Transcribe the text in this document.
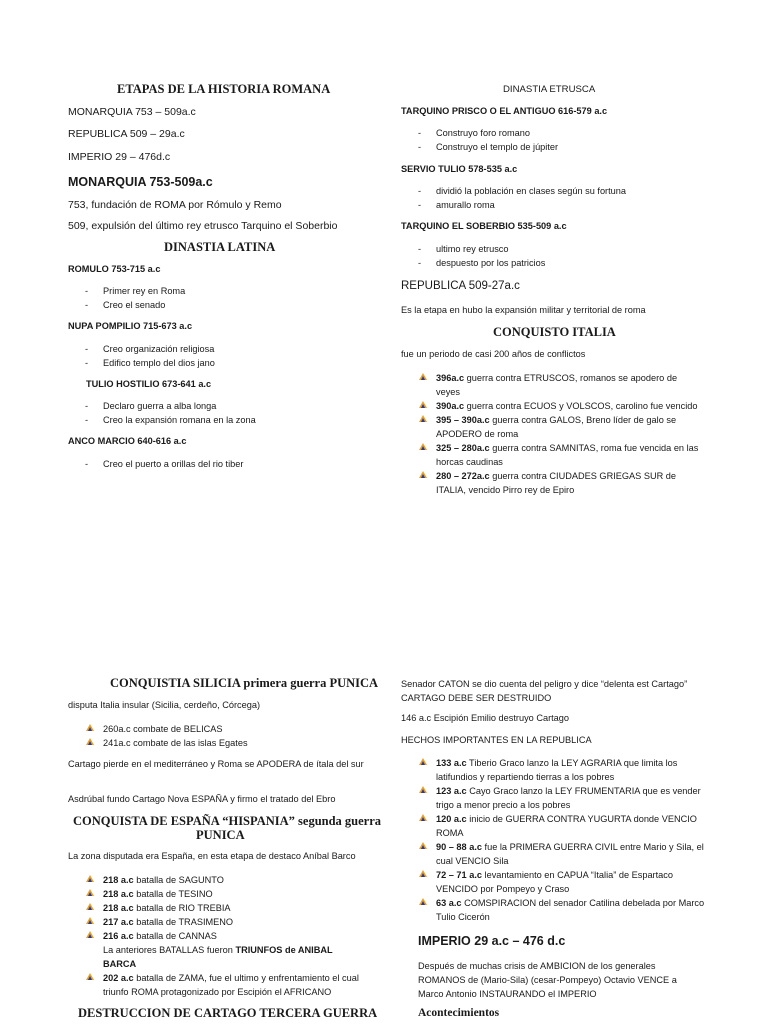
ETAPAS DE LA HISTORIA ROMANA
MONARQUIA 753 – 509a.c
REPUBLICA 509 – 29a.c
IMPERIO 29 – 476d.c
MONARQUIA 753-509a.c
753, fundación de ROMA por Rómulo y Remo
509, expulsión del último rey etrusco Tarquino el Soberbio
DINASTIA LATINA
ROMULO 753-715 a.c
- Primer rey en Roma
- Creo el senado
NUPA POMPILIO 715-673 a.c
- Creo organización religiosa
- Edifico templo del dios jano
TULIO HOSTILIO 673-641 a.c
- Declaro guerra a alba longa
- Creo la expansión romana en la zona
ANCO MARCIO 640-616 a.c
- Creo el puerto a orillas del rio tiber
DINASTIA ETRUSCA
TARQUINO PRISCO O EL ANTIGUO 616-579 a.c
- Construyo foro romano
- Construyo el templo de júpiter
SERVIO TULIO 578-535 a.c
- dividió la población en clases según su fortuna
- amurallo roma
TARQUINO EL SOBERBIO 535-509 a.c
- ultimo rey etrusco
- despuesto por los patricios
REPUBLICA 509-27a.c
Es la etapa en hubo la expansión militar y territorial de roma
CONQUISTO ITALIA
fue un periodo de casi 200 años de conflictos
396a.c guerra contra ETRUSCOS, romanos se apodero de veyes
390a.c guerra contra ECUOS y VOLSCOS, carolino fue vencido
395 – 390a.c guerra contra GALOS, Breno líder de galo se APODERO de roma
325 – 280a.c guerra contra SAMNITAS, roma fue vencida en las horcas caudinas
280 – 272a.c guerra contra CIUDADES GRIEGAS SUR de ITALIA, vencido Pirro rey de Epiro
CONQUISTIA SILICIA primera guerra PUNICA
disputa Italia insular (Sicilia, cerdeño, Córcega)
260a.c combate de BELICAS
241a.c combate de las islas Egates
Cartago pierde en el mediterráneo y Roma se APODERA de ítala del sur
Asdrúbal fundo Cartago Nova ESPAÑA y firmo el tratado del Ebro
CONQUISTA DE ESPAÑA “HISPANIA” segunda guerra
PUNICA
La zona disputada era España, en esta etapa de destaco Aníbal Barco
218 a.c batalla de SAGUNTO
218 a.c batalla de TESINO
218 a.c batalla de RIO TREBIA
217 a.c batalla de TRASIMENO
216 a.c batalla de CANNAS
La anteriores BATALLAS fueron TRIUNFOS de ANIBAL BARCA
202 a.c batalla de ZAMA, fue el ultimo y enfrentamiento el cual triunfo ROMA protagonizado por Escipión el AFRICANO
DESTRUCCION DE CARTAGO TERCERA GUERRA
Senador CATON se dio cuenta del peligro y dice “delenta est Cartago” CARTAGO DEBE SER DESTRUIDO
146 a.c Escipión Emilio destruyo Cartago
HECHOS IMPORTANTES EN LA REPUBLICA
133 a.c Tiberio Graco lanzo la LEY AGRARIA que limita los latifundios y repartiendo tierras a los pobres
123 a.c Cayo Graco lanzo la LEY FRUMENTARIA que es vender trigo a menor precio a los pobres
120 a.c inicio de GUERRA CONTRA YUGURTA donde VENCIO ROMA
90 – 88 a.c fue la PRIMERA GUERRA CIVIL entre Mario y Sila, el cual VENCIO Sila
72 – 71 a.c levantamiento en CAPUA “Italia” de Espartaco VENCIDO por Pompeyo y Craso
63 a.c COMSPIRACION del senador Catilina debelada por Marco Tulio Cicerón
IMPERIO 29 a.c – 476 d.c
Después de muchas crisis de AMBICION de los generales ROMANOS de (Mario-Sila) (cesar-Pompeyo) Octavio VENCE a Marco Antonio INSTAURANDO el IMPERIO
Acontecimientos
